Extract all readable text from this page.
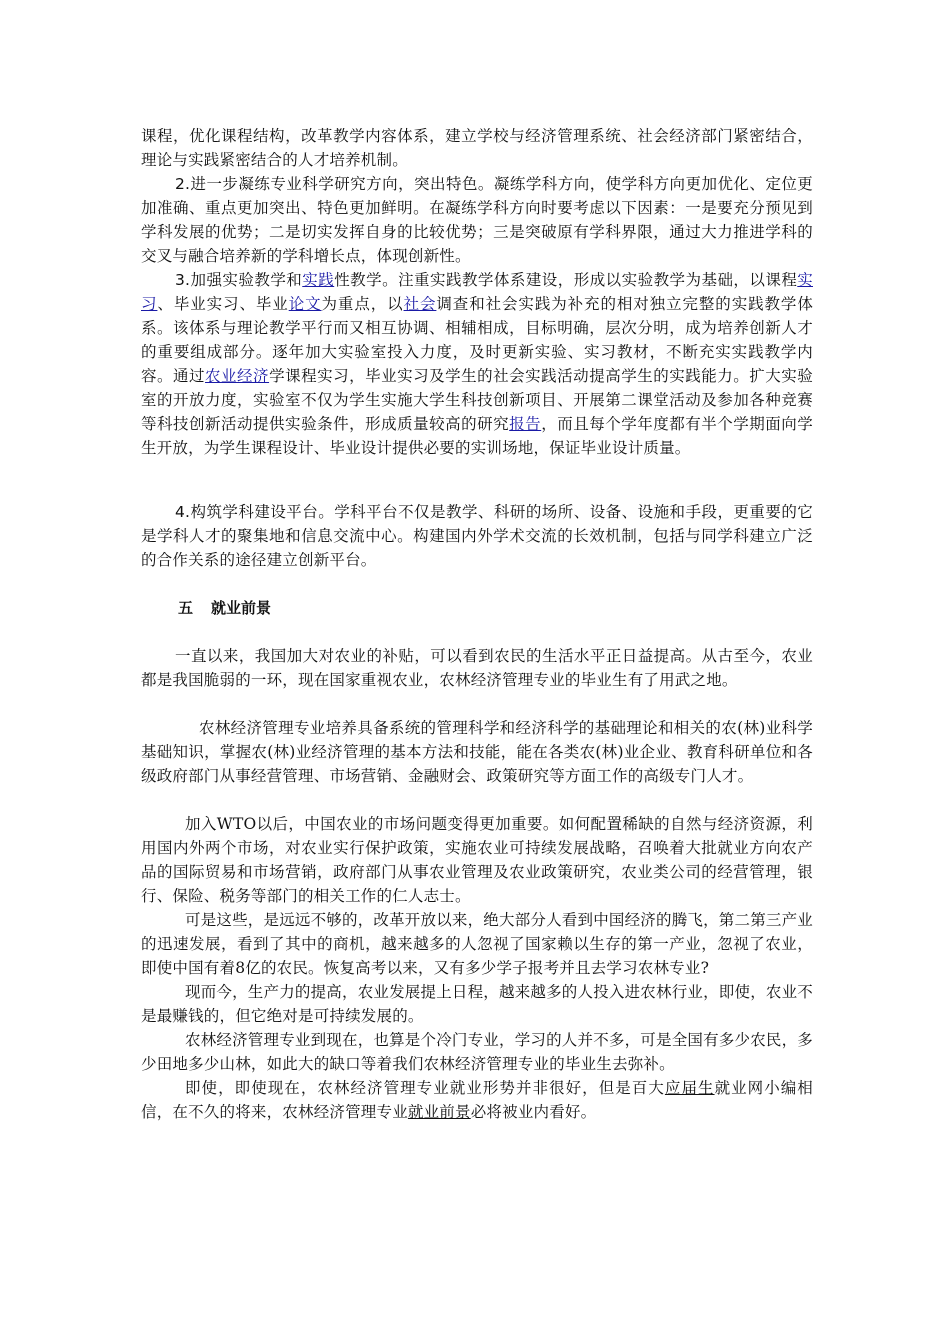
课程，优化课程结构，改革教学内容体系，建立学校与经济管理系统、社会经济部门紧密结合，理论与实践紧密结合的人才培养机制。

2.进一步凝练专业科学研究方向，突出特色。凝练学科方向，使学科方向更加优化、定位更加准确、重点更加突出、特色更加鲜明。在凝练学科方向时要考虑以下因素：一是要充分预见到学科发展的优势；二是切实发挥自身的比较优势；三是突破原有学科界限，通过大力推进学科的交叉与融合培养新的学科增长点，体现创新性。

3.加强实验教学和实践性教学。注重实践教学体系建设，形成以实验教学为基础，以课程实习、毕业实习、毕业论文为重点，以社会调查和社会实践为补充的相对独立完整的实践教学体系。该体系与理论教学平行而又相互协调、相辅相成，目标明确，层次分明，成为培养创新人才的重要组成部分。逐年加大实验室投入力度，及时更新实验、实习教材，不断充实实践教学内容。通过农业经济学课程实习，毕业实习及学生的社会实践活动提高学生的实践能力。扩大实验室的开放力度，实验室不仅为学生实施大学生科技创新项目、开展第二课堂活动及参加各种竞赛等科技创新活动提供实验条件，形成质量较高的研究报告，而且每个学年度都有半个学期面向学生开放，为学生课程设计、毕业设计提供必要的实训场地，保证毕业设计质量。

4.构筑学科建设平台。学科平台不仅是教学、科研的场所、设备、设施和手段，更重要的它是学科人才的聚集地和信息交流中心。构建国内外学术交流的长效机制，包括与同学科建立广泛的合作关系的途径建立创新平台。

五 就业前景

一直以来，我国加大对农业的补贴，可以看到农民的生活水平正日益提高。从古至今，农业都是我国脆弱的一环，现在国家重视农业，农林经济管理专业的毕业生有了用武之地。

农林经济管理专业培养具备系统的管理科学和经济科学的基础理论和相关的农(林)业科学基础知识，掌握农(林)业经济管理的基本方法和技能，能在各类农(林)业企业、教育科研单位和各级政府部门从事经营管理、市场营销、金融财会、政策研究等方面工作的高级专门人才。

加入WTO以后，中国农业的市场问题变得更加重要。如何配置稀缺的自然与经济资源，利用国内外两个市场，对农业实行保护政策，实施农业可持续发展战略，召唤着大批就业方向农产品的国际贸易和市场营销，政府部门从事农业管理及农业政策研究，农业类公司的经营管理，银行、保险、税务等部门的相关工作的仁人志士。

可是这些，是远远不够的，改革开放以来，绝大部分人看到中国经济的腾飞，第二第三产业的迅速发展，看到了其中的商机，越来越多的人忽视了国家赖以生存的第一产业，忽视了农业，即使中国有着8亿的农民。恢复高考以来，又有多少学子报考并且去学习农林专业?

现而今，生产力的提高，农业发展提上日程，越来越多的人投入进农林行业，即使，农业不是最赚钱的，但它绝对是可持续发展的。

农林经济管理专业到现在，也算是个冷门专业，学习的人并不多，可是全国有多少农民，多少田地多少山林，如此大的缺口等着我们农林经济管理专业的毕业生去弥补。

即使，即使现在，农林经济管理专业就业形势并非很好，但是百大应届生就业网小编相信，在不久的将来，农林经济管理专业就业前景必将被业内看好。
